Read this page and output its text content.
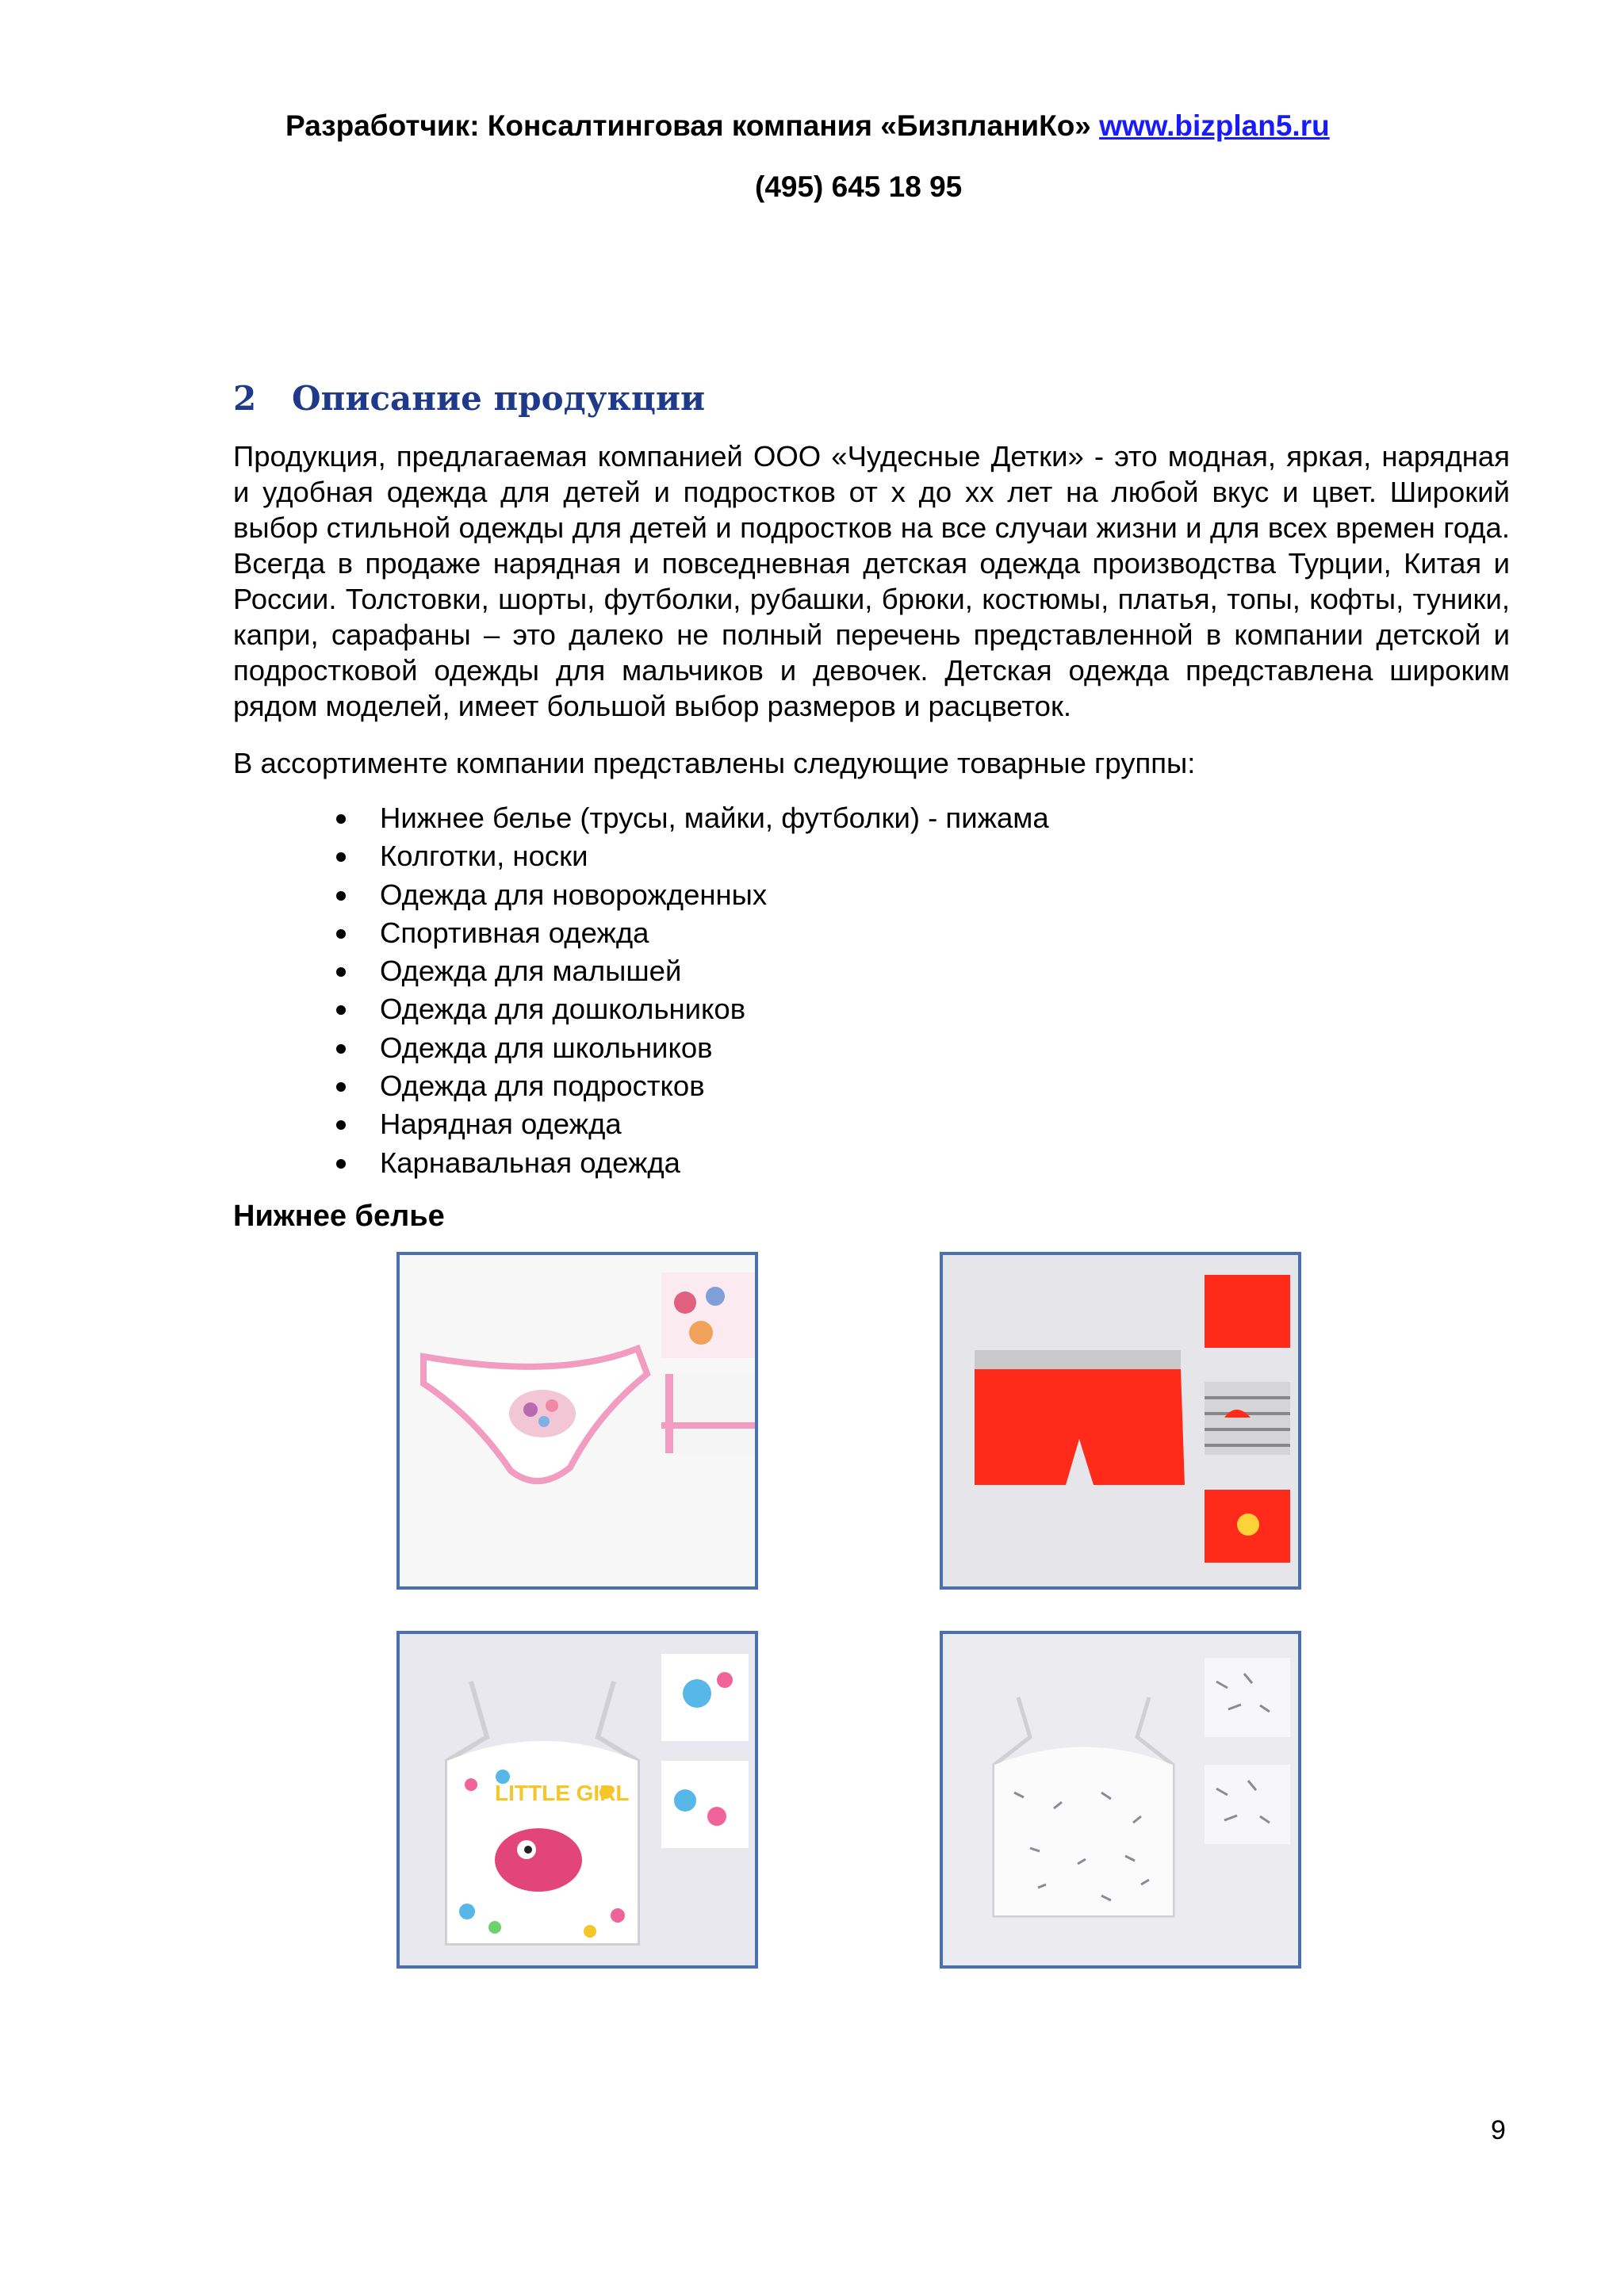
Разработчик: Консалтинговая компания «БизпланиКо» www.bizplan5.ru
(495) 645 18 95
2 Описание продукции
Продукция, предлагаемая компанией ООО «Чудесные Детки» - это модная, яркая, нарядная и удобная одежда для детей и подростков от х до хх лет на любой вкус и цвет. Широкий выбор стильной одежды для детей и подростков на все случаи жизни и для всех времен года. Всегда в продаже нарядная и повседневная детская одежда производства Турции, Китая и России. Толстовки, шорты, футболки, рубашки, брюки, костюмы, платья, топы, кофты, туники, капри, сарафаны – это далеко не полный перечень представленной в компании детской и подростковой одежды для мальчиков и девочек. Детская одежда представлена широким рядом моделей, имеет большой выбор размеров и расцветок.
В ассортименте компании представлены следующие товарные группы:
Нижнее белье (трусы, майки, футболки) - пижама
Колготки, носки
Одежда для новорожденных
Спортивная одежда
Одежда для малышей
Одежда для дошкольников
Одежда для школьников
Одежда для подростков
Нарядная одежда
Карнавальная одежда
Нижнее белье
LITTLE GIRL
9
